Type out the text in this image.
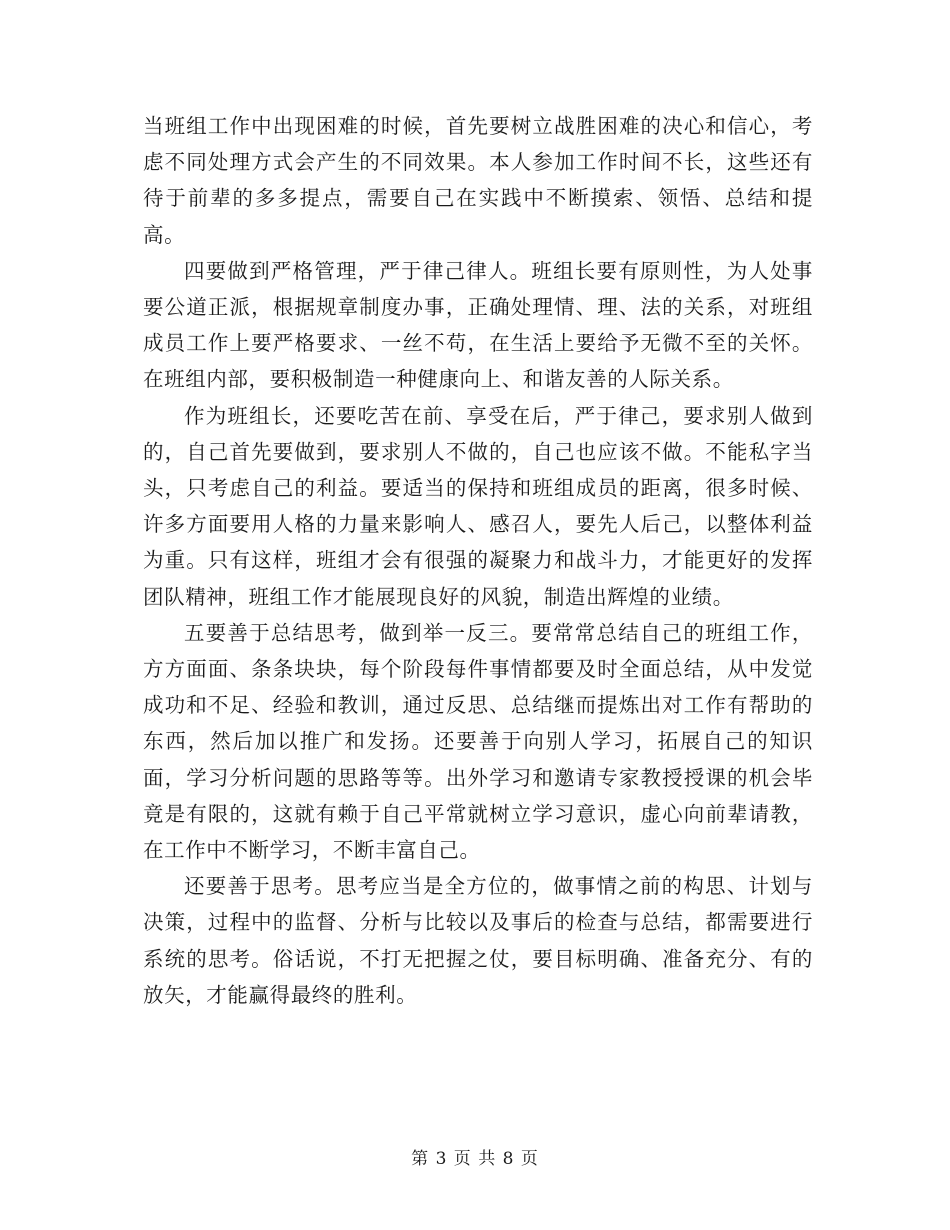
当班组工作中出现困难的时候，首先要树立战胜困难的决心和信心，考虑不同处理方式会产生的不同效果。本人参加工作时间不长，这些还有待于前辈的多多提点，需要自己在实践中不断摸索、领悟、总结和提高。

四要做到严格管理，严于律己律人。班组长要有原则性，为人处事要公道正派，根据规章制度办事，正确处理情、理、法的关系，对班组成员工作上要严格要求、一丝不苟，在生活上要给予无微不至的关怀。在班组内部，要积极制造一种健康向上、和谐友善的人际关系。

作为班组长，还要吃苦在前、享受在后，严于律己，要求别人做到的，自己首先要做到，要求别人不做的，自己也应该不做。不能私字当头，只考虑自己的利益。要适当的保持和班组成员的距离，很多时候、许多方面要用人格的力量来影响人、感召人，要先人后己，以整体利益为重。只有这样，班组才会有很强的凝聚力和战斗力，才能更好的发挥团队精神，班组工作才能展现良好的风貌，制造出辉煌的业绩。

五要善于总结思考，做到举一反三。要常常总结自己的班组工作，方方面面、条条块块，每个阶段每件事情都要及时全面总结，从中发觉成功和不足、经验和教训，通过反思、总结继而提炼出对工作有帮助的东西，然后加以推广和发扬。还要善于向别人学习，拓展自己的知识面，学习分析问题的思路等等。出外学习和邀请专家教授授课的机会毕竟是有限的，这就有赖于自己平常就树立学习意识，虚心向前辈请教，在工作中不断学习，不断丰富自己。

还要善于思考。思考应当是全方位的，做事情之前的构思、计划与决策，过程中的监督、分析与比较以及事后的检查与总结，都需要进行系统的思考。俗话说，不打无把握之仗，要目标明确、准备充分、有的放矢，才能赢得最终的胜利。

第 3 页 共 8 页
